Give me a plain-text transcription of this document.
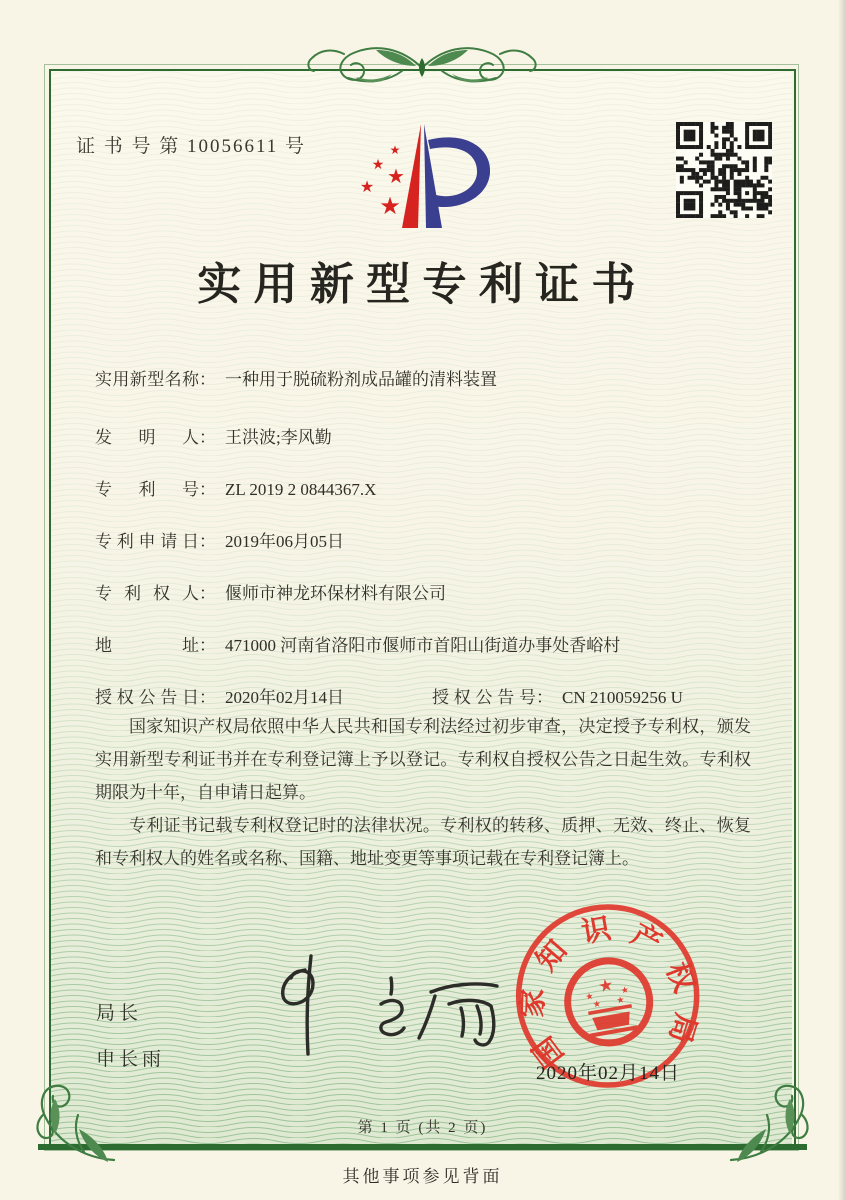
证 书 号 第 10056611 号	★
★ ★
★
★
实用新型专利证书
实用新型名称 ： 一种用于脱硫粉剂成品罐的清料装置
发明人 ： 王洪波;李风勤
专利号 ： ZL 2019 2 0844367.X
专利申请日 ： 2019年06月05日
专利权人 ： 偃师市神龙环保材料有限公司
地址 ： 471000 河南省洛阳市偃师市首阳山街道办事处香峪村
授权公告日 ： 2020年02月14日	授权公告号 ： CN 210059256 U

国家知识产权局依照中华人民共和国专利法经过初步审查，决定授予专利权，颁发实用新型专利证书并在专利登记簿上予以登记。专利权自授权公告之日起生效。专利权期限为十年，自申请日起算。

专利证书记载专利权登记时的法律状况。专利权的转移、质押、无效、终止、恢复和专利权人的姓名或名称、国籍、地址变更等事项记载在专利登记簿上。

局长
申长雨	国
家
知
识 产
权
局
★
★
★
★ ★
2020年02月14日
第 1 页 (共 2 页)
其他事项参见背面
